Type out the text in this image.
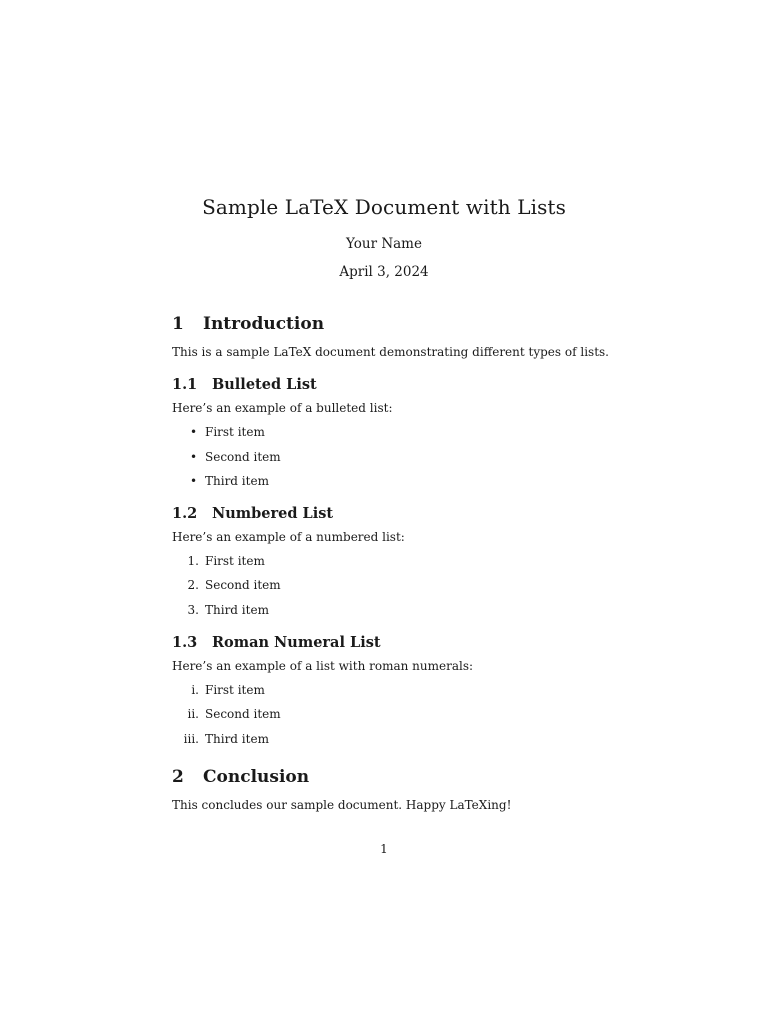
Sample LaTeX Document with Lists
Your Name
April 3, 2024
1 Introduction
This is a sample LaTeX document demonstrating different types of lists.
1.1 Bulleted List
Here’s an example of a bulleted list:
• First item
• Second item
• Third item
1.2 Numbered List
Here’s an example of a numbered list:
1. First item
2. Second item
3. Third item
1.3 Roman Numeral List
Here’s an example of a list with roman numerals:
i. First item
ii. Second item
iii. Third item
2 Conclusion
This concludes our sample document. Happy LaTeXing!
1
